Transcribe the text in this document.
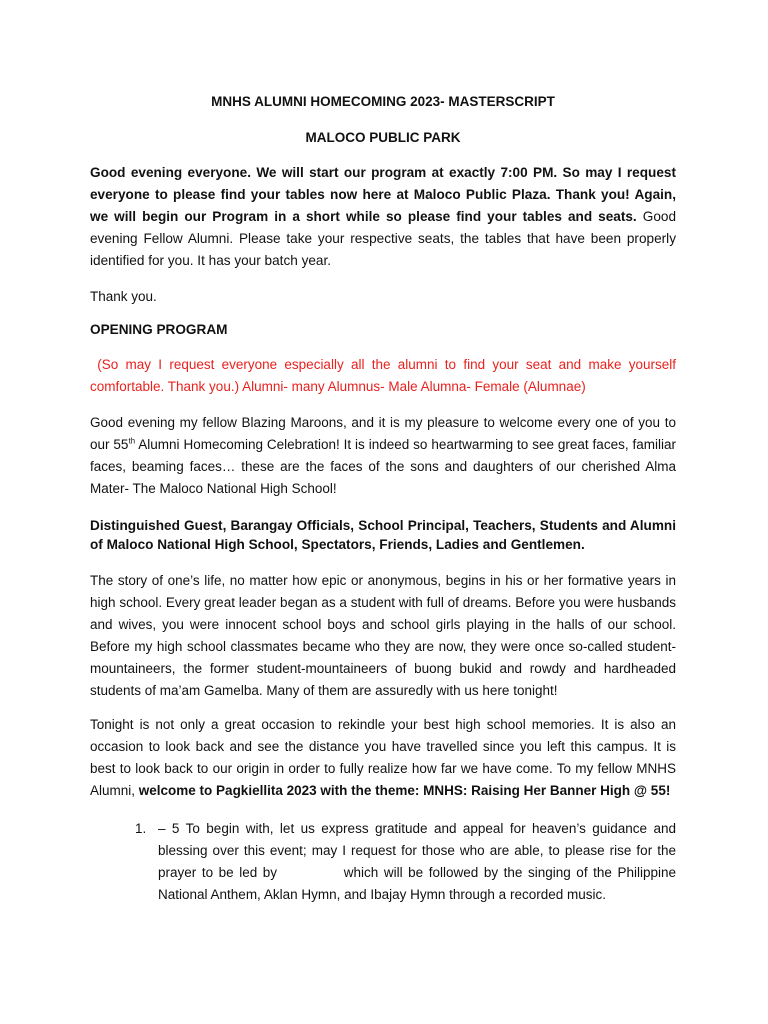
MNHS ALUMNI HOMECOMING 2023- MASTERSCRIPT
MALOCO PUBLIC PARK

Good evening everyone. We will start our program at exactly 7:00 PM. So may I request everyone to please find your tables now here at Maloco Public Plaza. Thank you! Again, we will begin our Program in a short while so please find your tables and seats. Good evening Fellow Alumni. Please take your respective seats, the tables that have been properly identified for you. It has your batch year.

Thank you.

OPENING PROGRAM

(So may I request everyone especially all the alumni to find your seat and make yourself comfortable. Thank you.) Alumni- many Alumnus- Male Alumna- Female (Alumnae)

Good evening my fellow Blazing Maroons, and it is my pleasure to welcome every one of you to our 55th Alumni Homecoming Celebration! It is indeed so heartwarming to see great faces, familiar faces, beaming faces… these are the faces of the sons and daughters of our cherished Alma Mater- The Maloco National High School!

Distinguished Guest, Barangay Officials, School Principal, Teachers, Students and Alumni of Maloco National High School, Spectators, Friends, Ladies and Gentlemen.

The story of one’s life, no matter how epic or anonymous, begins in his or her formative years in high school. Every great leader began as a student with full of dreams. Before you were husbands and wives, you were innocent school boys and school girls playing in the halls of our school. Before my high school classmates became who they are now, they were once so-called student-mountaineers, the former student-mountaineers of buong bukid and rowdy and hardheaded students of ma’am Gamelba. Many of them are assuredly with us here tonight!

Tonight is not only a great occasion to rekindle your best high school memories. It is also an occasion to look back and see the distance you have travelled since you left this campus. It is best to look back to our origin in order to fully realize how far we have come. To my fellow MNHS Alumni, welcome to Pagkiellita 2023 with the theme: MNHS: Raising Her Banner High @ 55!

1. – 5 To begin with, let us express gratitude and appeal for heaven’s guidance and blessing over this event; may I request for those who are able, to please rise for the prayer to be led by            which will be followed by the singing of the Philippine National Anthem, Aklan Hymn, and Ibajay Hymn through a recorded music.
